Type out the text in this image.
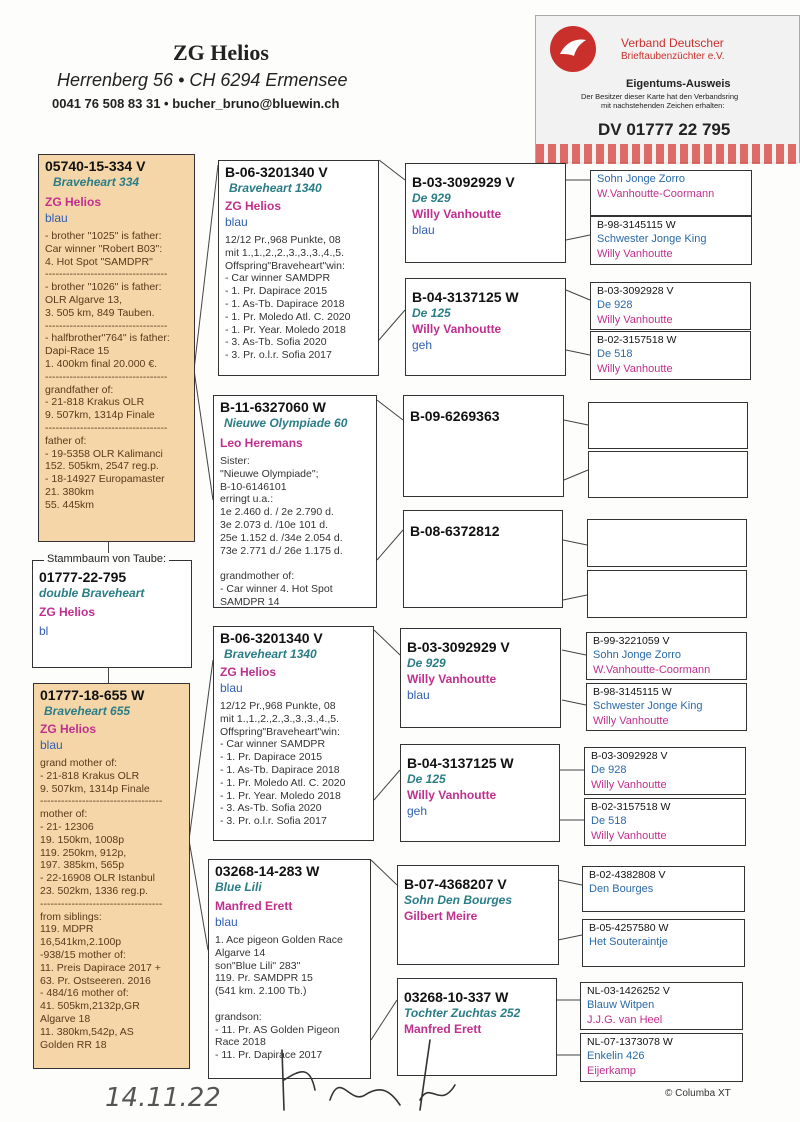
ZG Helios
Herrenberg 56 • CH 6294 Ermensee
0041 76 508 83 31 • bucher_bruno@bluewin.ch
Verband Deutscher
Brieftaubenzüchter e.V.
Eigentums-Ausweis
Der Besitzer dieser Karte hat den Verbandsring
mit nachstehenden Zeichen erhalten:
DV 01777 22 795
05740-15-334 V
Braveheart 334
ZG Helios
blau
- brother "1025" is father:
Car winner "Robert B03":
4. Hot Spot "SAMDPR"
-----------------------------------
- brother "1026" is father:
OLR Algarve 13,
3. 505 km, 849 Tauben.
-----------------------------------
- halfbrother"764" is father:
Dapi-Race 15
1. 400km final 20.000 €.
-----------------------------------
grandfather of:
- 21-818 Krakus OLR
9. 507km, 1314p Finale
-----------------------------------
father of:
- 19-5358 OLR Kalimanci
152. 505km, 2547 reg.p.
- 18-14927 Europamaster
21. 380km
55. 445km
Stammbaum von Taube:
01777-22-795
double Braveheart
ZG Helios
bl
01777-18-655 W
Braveheart 655
ZG Helios
blau
grand mother of:
- 21-818 Krakus OLR
9. 507km, 1314p Finale
-----------------------------------
mother of:
- 21- 12306
19. 150km, 1008p
119. 250km, 912p,
197. 385km, 565p
- 22-16908 OLR Istanbul
23. 502km, 1336 reg.p.
-----------------------------------
from siblings:
119. MDPR
16,541km,2.100p
-938/15 mother of:
11. Preis Dapirace 2017 +
63. Pr. Ostseeren. 2016
- 484/16 mother of:
41. 505km,2132p,GR
Algarve 18
11. 380km,542p, AS
Golden RR 18
B-06-3201340 V
Braveheart 1340
ZG Helios
blau
12/12 Pr.,968 Punkte, 08
mit 1.,1.,2.,2.,3.,3.,3.,4.,5.
Offspring"Braveheart"win:
- Car winner SAMDPR
- 1. Pr. Dapirace 2015
- 1. As-Tb. Dapirace 2018
- 1. Pr. Moledo Atl. C. 2020
- 1. Pr. Year. Moledo 2018
- 3. As-Tb. Sofia 2020
- 3. Pr. o.l.r. Sofia 2017
B-11-6327060 W
Nieuwe Olympiade 60
Leo Heremans
Sister:
"Nieuwe Olympiade";
B-10-6146101
erringt u.a.:
1e 2.460 d. / 2e 2.790 d.
3e 2.073 d. /10e 101 d.
25e 1.152 d. /34e 2.054 d.
73e 2.771 d./ 26e 1.175 d.

grandmother of:
- Car winner 4. Hot Spot
SAMDPR 14
B-06-3201340 V
Braveheart 1340
ZG Helios
blau
12/12 Pr.,968 Punkte, 08
mit 1.,1.,2.,2.,3.,3.,3.,4.,5.
Offspring"Braveheart"win:
- Car winner SAMDPR
- 1. Pr. Dapirace 2015
- 1. As-Tb. Dapirace 2018
- 1. Pr. Moledo Atl. C. 2020
- 1. Pr. Year. Moledo 2018
- 3. As-Tb. Sofia 2020
- 3. Pr. o.l.r. Sofia 2017
03268-14-283 W
Blue Lili
Manfred Erett
blau
1. Ace pigeon Golden Race
Algarve 14
son"Blue Lili" 283"
119. Pr. SAMDPR 15
(541 km. 2.100 Tb.)

grandson:
- 11. Pr. AS Golden Pigeon
Race 2018
- 11. Pr. Dapirace 2017
B-03-3092929 V
De 929
Willy Vanhoutte
blau
B-04-3137125 W
De 125
Willy Vanhoutte
geh
B-09-6269363
B-08-6372812
B-03-3092929 V
De 929
Willy Vanhoutte
blau
B-04-3137125 W
De 125
Willy Vanhoutte
geh
B-07-4368207 V
Sohn Den Bourges
Gilbert Meire
03268-10-337 W
Tochter Zuchtas 252
Manfred Erett
Sohn Jonge Zorro
W.Vanhoutte-Coormann
B-98-3145115 W
Schwester Jonge King
Willy Vanhoutte
B-03-3092928 V
De 928
Willy Vanhoutte
B-02-3157518 W
De 518
Willy Vanhoutte
B-99-3221059 V
Sohn Jonge Zorro
W.Vanhoutte-Coormann
B-98-3145115 W
Schwester Jonge King
Willy Vanhoutte
B-03-3092928 V
De 928
Willy Vanhoutte
B-02-3157518 W
De 518
Willy Vanhoutte
B-02-4382808 V
Den Bourges
B-05-4257580 W
Het Souteraintje
NL-03-1426252 V
Blauw Witpen
J.J.G. van Heel
NL-07-1373078 W
Enkelin 426
Eijerkamp
14.11.22	© Columba XT
